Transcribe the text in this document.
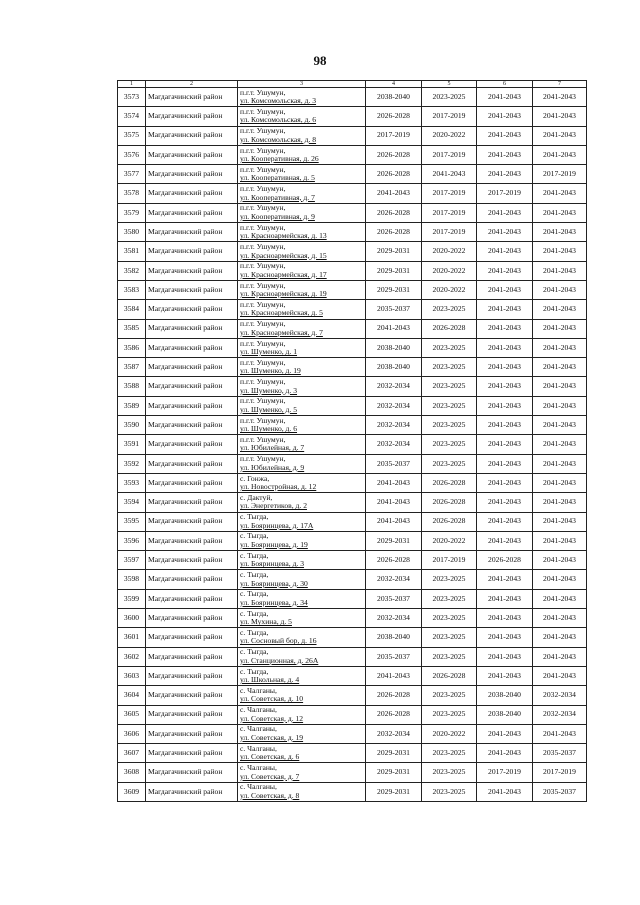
98
1	2	3	4	5	6	7
3573	Магдагачинский район	п.г.т. Ушумун,
ул. Комсомольская, д. 3	2038-2040	2023-2025	2041-2043	2041-2043
3574	Магдагачинский район	п.г.т. Ушумун,
ул. Комсомольская, д. 6	2026-2028	2017-2019	2041-2043	2041-2043
3575	Магдагачинский район	п.г.т. Ушумун,
ул. Комсомольская, д. 8	2017-2019	2020-2022	2041-2043	2041-2043
3576	Магдагачинский район	п.г.т. Ушумун,
ул. Кооперативная, д. 26	2026-2028	2017-2019	2041-2043	2041-2043
3577	Магдагачинский район	п.г.т. Ушумун,
ул. Кооперативная, д. 5	2026-2028	2041-2043	2041-2043	2017-2019
3578	Магдагачинский район	п.г.т. Ушумун,
ул. Кооперативная, д. 7	2041-2043	2017-2019	2017-2019	2041-2043
3579	Магдагачинский район	п.г.т. Ушумун,
ул. Кооперативная, д. 9	2026-2028	2017-2019	2041-2043	2041-2043
3580	Магдагачинский район	п.г.т. Ушумун,
ул. Красноармейская, д. 13	2026-2028	2017-2019	2041-2043	2041-2043
3581	Магдагачинский район	п.г.т. Ушумун,
ул. Красноармейская, д. 15	2029-2031	2020-2022	2041-2043	2041-2043
3582	Магдагачинский район	п.г.т. Ушумун,
ул. Красноармейская, д. 17	2029-2031	2020-2022	2041-2043	2041-2043
3583	Магдагачинский район	п.г.т. Ушумун,
ул. Красноармейская, д. 19	2029-2031	2020-2022	2041-2043	2041-2043
3584	Магдагачинский район	п.г.т. Ушумун,
ул. Красноармейская, д. 5	2035-2037	2023-2025	2041-2043	2041-2043
3585	Магдагачинский район	п.г.т. Ушумун,
ул. Красноармейская, д. 7	2041-2043	2026-2028	2041-2043	2041-2043
3586	Магдагачинский район	п.г.т. Ушумун,
ул. Шуменко, д. 1	2038-2040	2023-2025	2041-2043	2041-2043
3587	Магдагачинский район	п.г.т. Ушумун,
ул. Шуменко, д. 19	2038-2040	2023-2025	2041-2043	2041-2043
3588	Магдагачинский район	п.г.т. Ушумун,
ул. Шуменко, д. 3	2032-2034	2023-2025	2041-2043	2041-2043
3589	Магдагачинский район	п.г.т. Ушумун,
ул. Шуменко, д. 5	2032-2034	2023-2025	2041-2043	2041-2043
3590	Магдагачинский район	п.г.т. Ушумун,
ул. Шуменко, д. 6	2032-2034	2023-2025	2041-2043	2041-2043
3591	Магдагачинский район	п.г.т. Ушумун,
ул. Юбилейная, д. 7	2032-2034	2023-2025	2041-2043	2041-2043
3592	Магдагачинский район	п.г.т. Ушумун,
ул. Юбилейная, д. 9	2035-2037	2023-2025	2041-2043	2041-2043
3593	Магдагачинский район	с. Гонжа,
ул. Новостройная, д. 12	2041-2043	2026-2028	2041-2043	2041-2043
3594	Магдагачинский район	с. Дактуй,
ул. Энергетиков, д. 2	2041-2043	2026-2028	2041-2043	2041-2043
3595	Магдагачинский район	с. Тыгда,
ул. Бояринцева, д. 17А	2041-2043	2026-2028	2041-2043	2041-2043
3596	Магдагачинский район	с. Тыгда,
ул. Бояринцева, д. 19	2029-2031	2020-2022	2041-2043	2041-2043
3597	Магдагачинский район	с. Тыгда,
ул. Бояринцева, д. 3	2026-2028	2017-2019	2026-2028	2041-2043
3598	Магдагачинский район	с. Тыгда,
ул. Бояринцева, д. 30	2032-2034	2023-2025	2041-2043	2041-2043
3599	Магдагачинский район	с. Тыгда,
ул. Бояринцева, д. 34	2035-2037	2023-2025	2041-2043	2041-2043
3600	Магдагачинский район	с. Тыгда,
ул. Мухина, д. 5	2032-2034	2023-2025	2041-2043	2041-2043
3601	Магдагачинский район	с. Тыгда,
ул. Сосновый бор, д. 16	2038-2040	2023-2025	2041-2043	2041-2043
3602	Магдагачинский район	с. Тыгда,
ул. Станционная, д. 26А	2035-2037	2023-2025	2041-2043	2041-2043
3603	Магдагачинский район	с. Тыгда,
ул. Школьная, д. 4	2041-2043	2026-2028	2041-2043	2041-2043
3604	Магдагачинский район	с. Чалганы,
ул. Советская, д. 10	2026-2028	2023-2025	2038-2040	2032-2034
3605	Магдагачинский район	с. Чалганы,
ул. Советская, д. 12	2026-2028	2023-2025	2038-2040	2032-2034
3606	Магдагачинский район	с. Чалганы,
ул. Советская, д. 19	2032-2034	2020-2022	2041-2043	2041-2043
3607	Магдагачинский район	с. Чалганы,
ул. Советская, д. 6	2029-2031	2023-2025	2041-2043	2035-2037
3608	Магдагачинский район	с. Чалганы,
ул. Советская, д. 7	2029-2031	2023-2025	2017-2019	2017-2019
3609	Магдагачинский район	с. Чалганы,
ул. Советская, д. 8	2029-2031	2023-2025	2041-2043	2035-2037
